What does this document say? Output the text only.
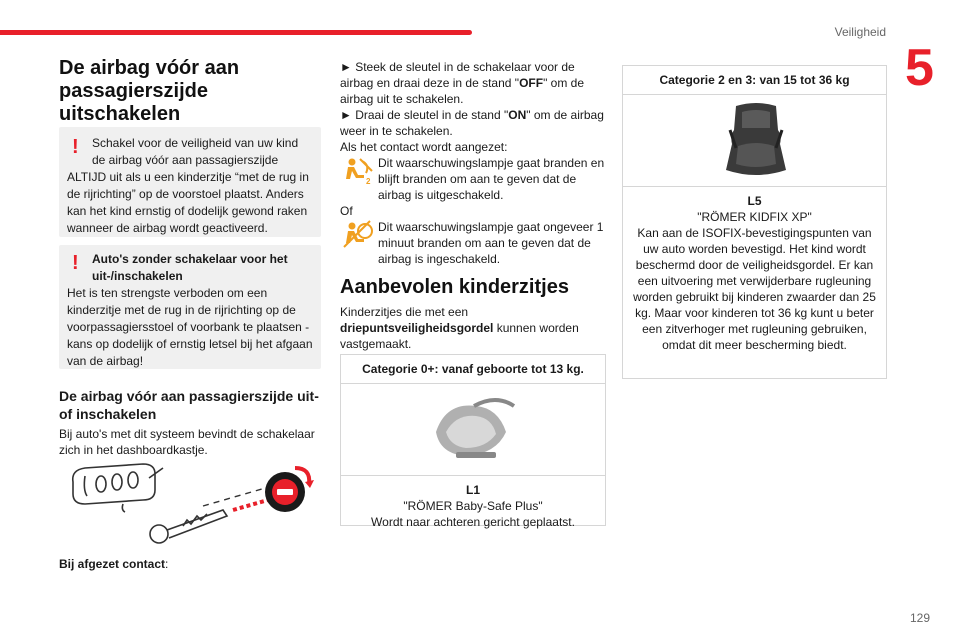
Veiligheid
5
De airbag vóór aan passagierszijde uitschakelen
!	Schakel voor de veiligheid van uw kind de airbag vóór aan passagierszijde

ALTIJD uit als u een kinderzitje “met de rug in de rijrichting” op de voorstoel plaatst. Anders kan het kind ernstig of dodelijk gewond raken wanneer de airbag wordt geactiveerd.

!	Auto's zonder schakelaar voor het uit-/inschakelen

Het is ten strengste verboden om een kinderzitje met de rug in de rijrichting op de voorpassagiersstoel of voorbank te plaatsen - kans op dodelijk of ernstig letsel bij het afgaan van de airbag!

De airbag vóór aan passagierszijde uit- of inschakelen
Bij auto's met dit systeem bevindt de schakelaar zich in het dashboardkastje.
Bij afgezet contact:

► Steek de sleutel in de schakelaar voor de airbag en draai deze in de stand "OFF" om de airbag uit te schakelen.

► Draai de sleutel in de stand "ON" om de airbag weer in te schakelen.

Als het contact wordt aangezet:

2

Dit waarschuwingslampje gaat branden en blijft branden om aan te geven dat de airbag is uitgeschakeld.

Of

Dit waarschuwingslampje gaat ongeveer 1 minuut branden om aan te geven dat de airbag is ingeschakeld.

Aanbevolen kinderzitjes
Kinderzitjes die met een driepuntsveiligheidsgordel kunnen worden vastgemaakt.
Categorie 0+: vanaf geboorte tot 13 kg.

L1

"RÖMER Baby-Safe Plus"

Wordt naar achteren gericht geplaatst.

Categorie 2 en 3: van 15 tot 36 kg

L5

"RÖMER KIDFIX XP"

Kan aan de ISOFIX-bevestigingspunten van uw auto worden bevestigd. Het kind wordt beschermd door de veiligheidsgordel. Er kan een uitvoering met verwijderbare rugleuning worden gebruikt bij kinderen zwaarder dan 25 kg. Maar voor kinderen tot 36 kg kunt u beter een zitverhoger met rugleuning gebruiken, omdat dit meer bescherming biedt.

129
